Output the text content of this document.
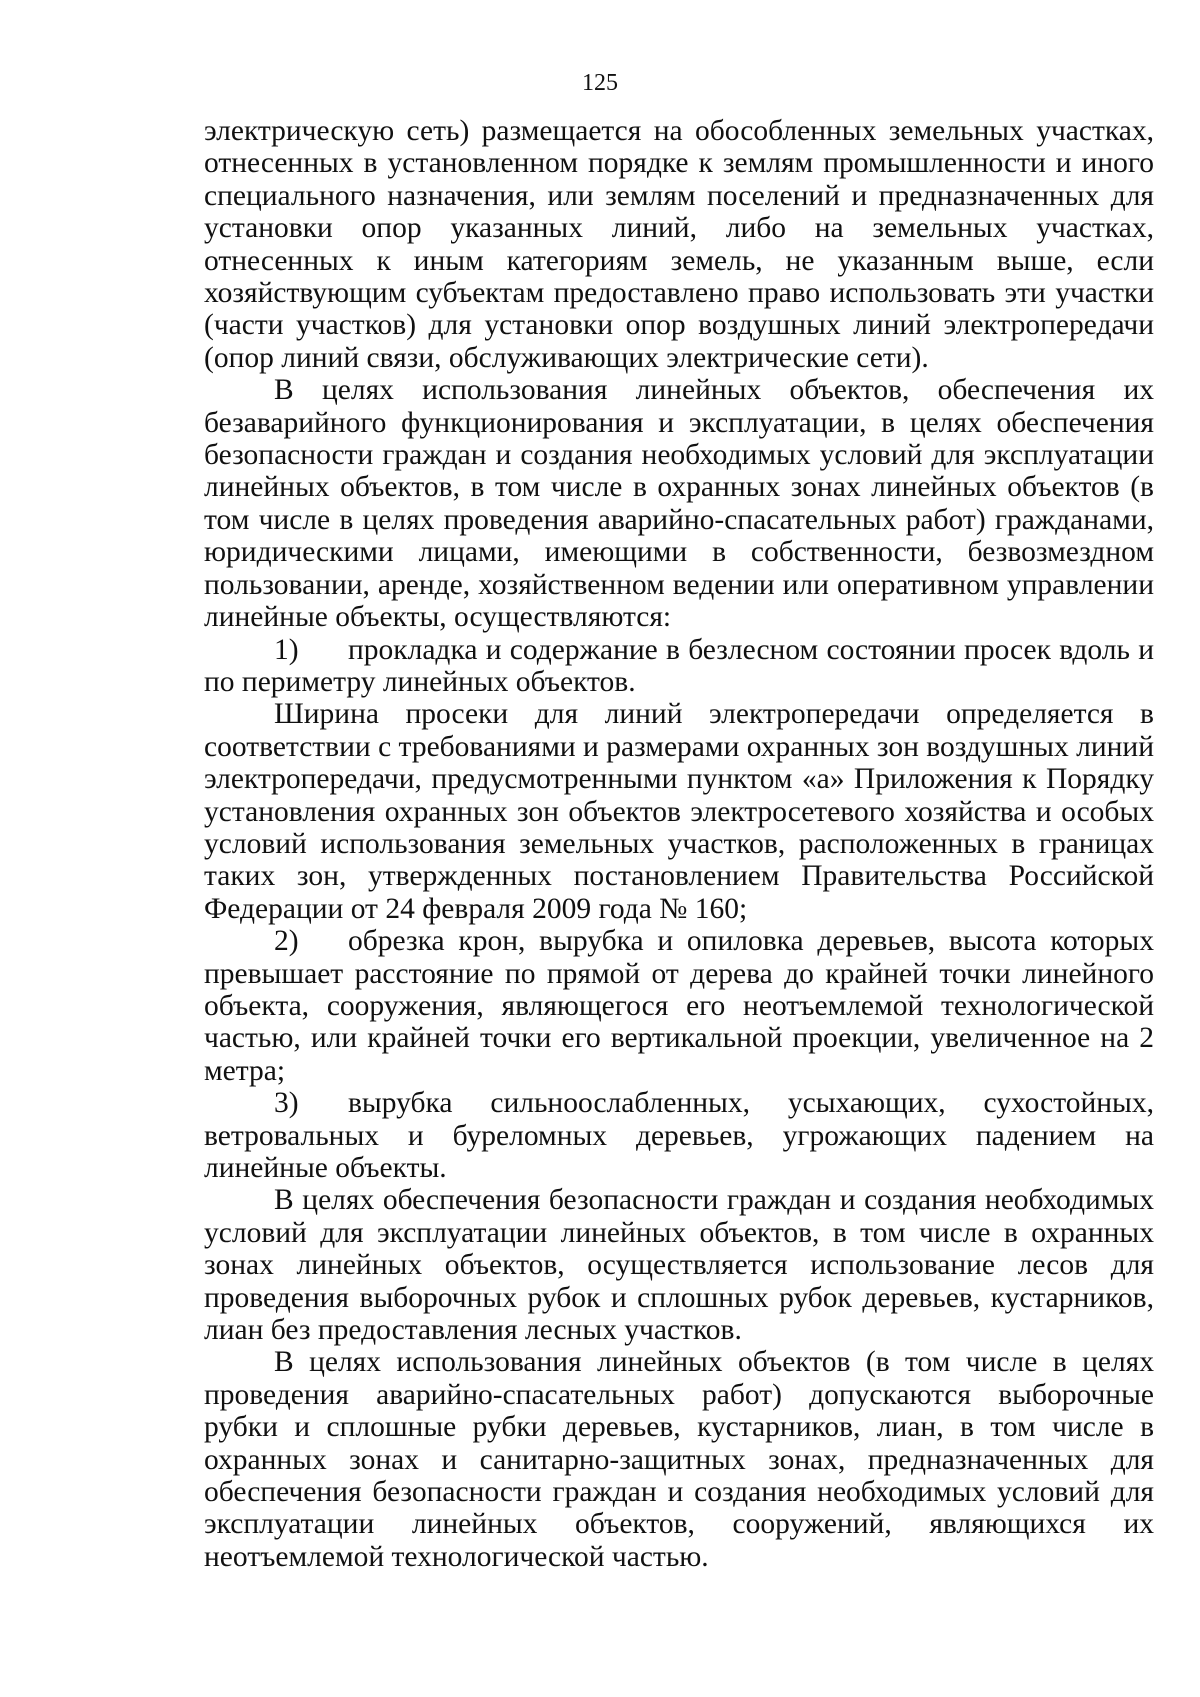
125

электрическую сеть) размещается на обособленных земельных участках, отнесенных в установленном порядке к землям промышленности и иного специального назначения, или землям поселений и предназначенных для установки опор указанных линий, либо на земельных участках, отнесенных к иным категориям земель, не указанным выше, если хозяйствующим субъектам предоставлено право использовать эти участки (части участков) для установки опор воздушных линий электропередачи (опор линий связи, обслуживающих электрические сети).

В целях использования линейных объектов, обеспечения их безаварийного функционирования и эксплуатации, в целях обеспечения безопасности граждан и создания необходимых условий для эксплуатации линейных объектов, в том числе в охранных зонах линейных объектов (в том числе в целях проведения аварийно-спасательных работ) гражданами, юридическими лицами, имеющими в собственности, безвозмездном пользовании, аренде, хозяйственном ведении или оперативном управлении линейные объекты, осуществляются:

1) прокладка и содержание в безлесном состоянии просек вдоль и по периметру линейных объектов.

Ширина просеки для линий электропередачи определяется в соответствии с требованиями и размерами охранных зон воздушных линий электропередачи, предусмотренными пунктом «а» Приложения к Порядку установления охранных зон объектов электросетевого хозяйства и особых условий использования земельных участков, расположенных в границах таких зон, утвержденных постановлением Правительства Российской Федерации от 24 февраля 2009 года № 160;

2) обрезка крон, вырубка и опиловка деревьев, высота которых превышает расстояние по прямой от дерева до крайней точки линейного объекта, сооружения, являющегося его неотъемлемой технологической частью, или крайней точки его вертикальной проекции, увеличенное на 2 метра;

3) вырубка сильноослабленных, усыхающих, сухостойных, ветровальных и буреломных деревьев, угрожающих падением на линейные объекты.

В целях обеспечения безопасности граждан и создания необходимых условий для эксплуатации линейных объектов, в том числе в охранных зонах линейных объектов, осуществляется использование лесов для проведения выборочных рубок и сплошных рубок деревьев, кустарников, лиан без предоставления лесных участков.

В целях использования линейных объектов (в том числе в целях проведения аварийно-спасательных работ) допускаются выборочные рубки и сплошные рубки деревьев, кустарников, лиан, в том числе в охранных зонах и санитарно-защитных зонах, предназначенных для обеспечения безопасности граждан и создания необходимых условий для эксплуатации линейных объектов, сооружений, являющихся их неотъемлемой технологической частью.
